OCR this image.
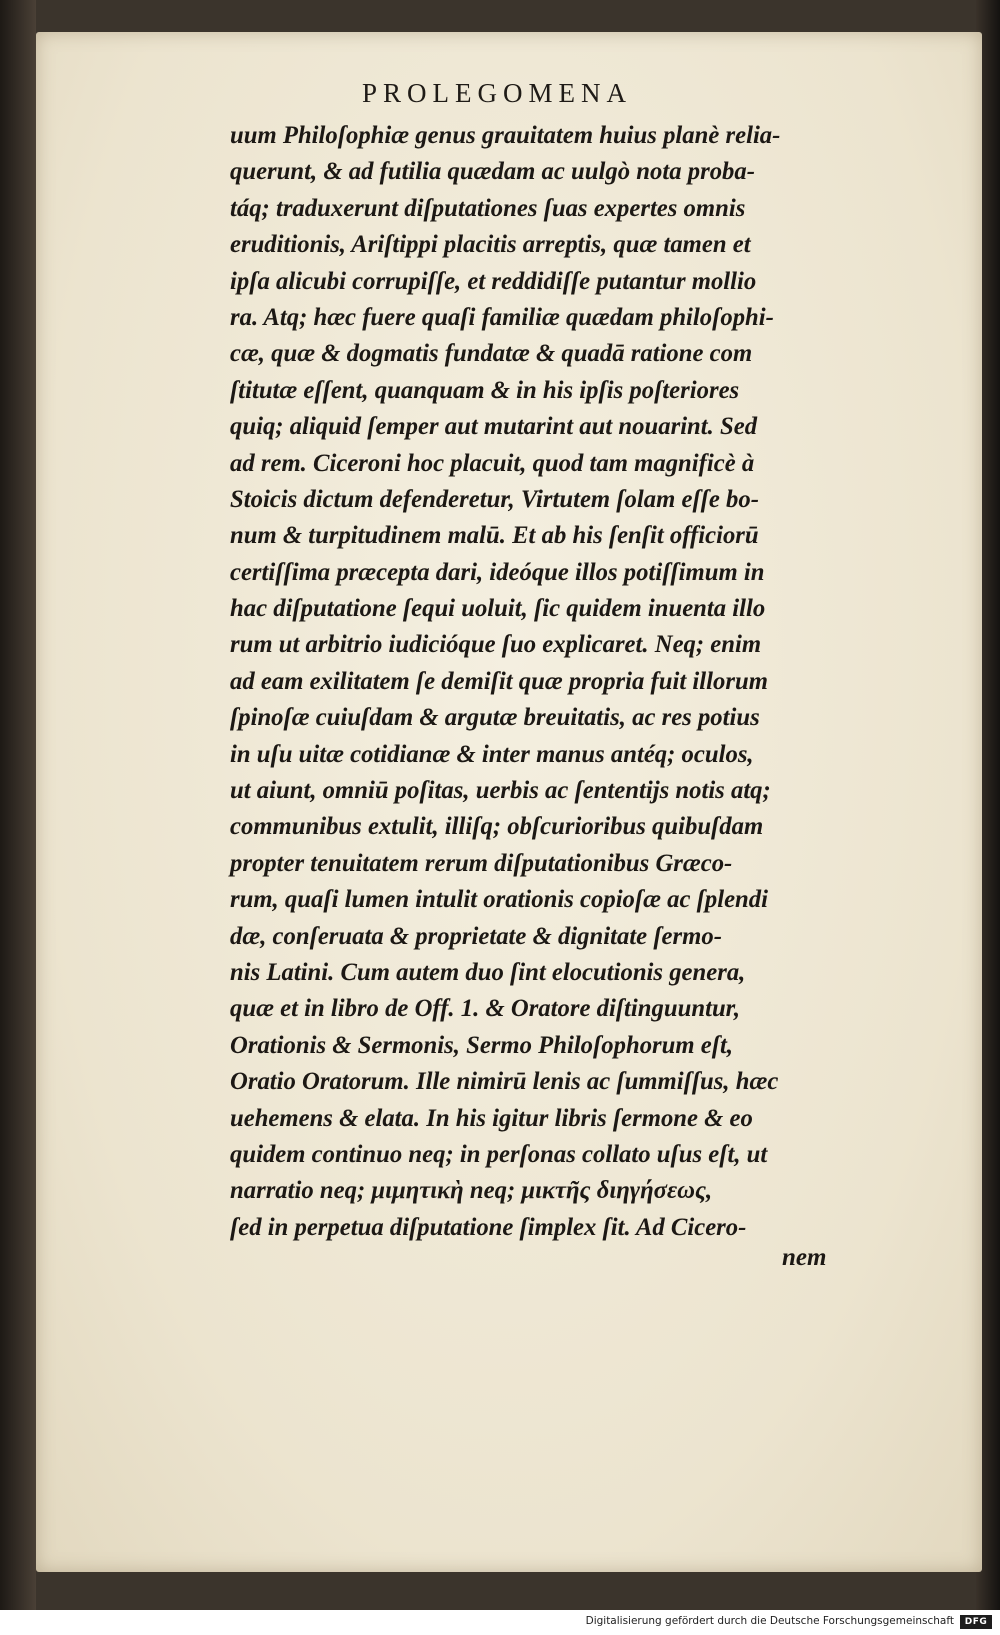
PROLEGOMENA
uum Philoſophiæ genus grauitatem huius planè relia-
querunt, & ad futilia quædam ac uulgò nota proba-
táq; traduxerunt diſputationes ſuas expertes omnis
eruditionis, Ariſtippi placitis arreptis, quæ tamen et
ipſa alicubi corrupiſſe, et reddidiſſe putantur mollio
ra. Atq; hæc fuere quaſi familiæ quædam philoſophi-
cæ, quæ & dogmatis fundatæ & quadā ratione com
ſtitutæ eſſent, quanquam & in his ipſis poſteriores
quiq; aliquid ſemper aut mutarint aut nouarint. Sed
ad rem. Ciceroni hoc placuit, quod tam magnificè à
Stoicis dictum defenderetur, Virtutem ſolam eſſe bo-
num & turpitudinem malū. Et ab his ſenſit officiorū
certiſſima præcepta dari, ideóque illos potiſſimum in
hac diſputatione ſequi uoluit, ſic quidem inuenta illo
rum ut arbitrio iudicióque ſuo explicaret. Neq; enim
ad eam exilitatem ſe demiſit quæ propria fuit illorum
ſpinoſæ cuiuſdam & argutæ breuitatis, ac res potius
in uſu uitæ cotidianæ & inter manus antéq; oculos,
ut aiunt, omniū poſitas, uerbis ac ſententijs notis atq;
communibus extulit, illiſq; obſcurioribus quibuſdam
propter tenuitatem rerum diſputationibus Græco-
rum, quaſi lumen intulit orationis copioſæ ac ſplendi
dæ, conſeruata & proprietate & dignitate ſermo-
nis Latini. Cum autem duo ſint elocutionis genera,
quæ et in libro de Off. 1. & Oratore diſtinguuntur,
Orationis & Sermonis, Sermo Philoſophorum eſt,
Oratio Oratorum. Ille nimirū lenis ac ſummiſſus, hæc
uehemens & elata. In his igitur libris ſermone & eo
quidem continuo neq; in perſonas collato uſus eſt, ut
narratio neq; μιμητικὴ neq; μικτῆς διηγήσεως,
ſed in perpetua diſputatione ſimplex ſit. Ad Cicero-
nem
Digitalisierung gefördert durch die Deutsche Forschungsgemeinschaft	DFG
